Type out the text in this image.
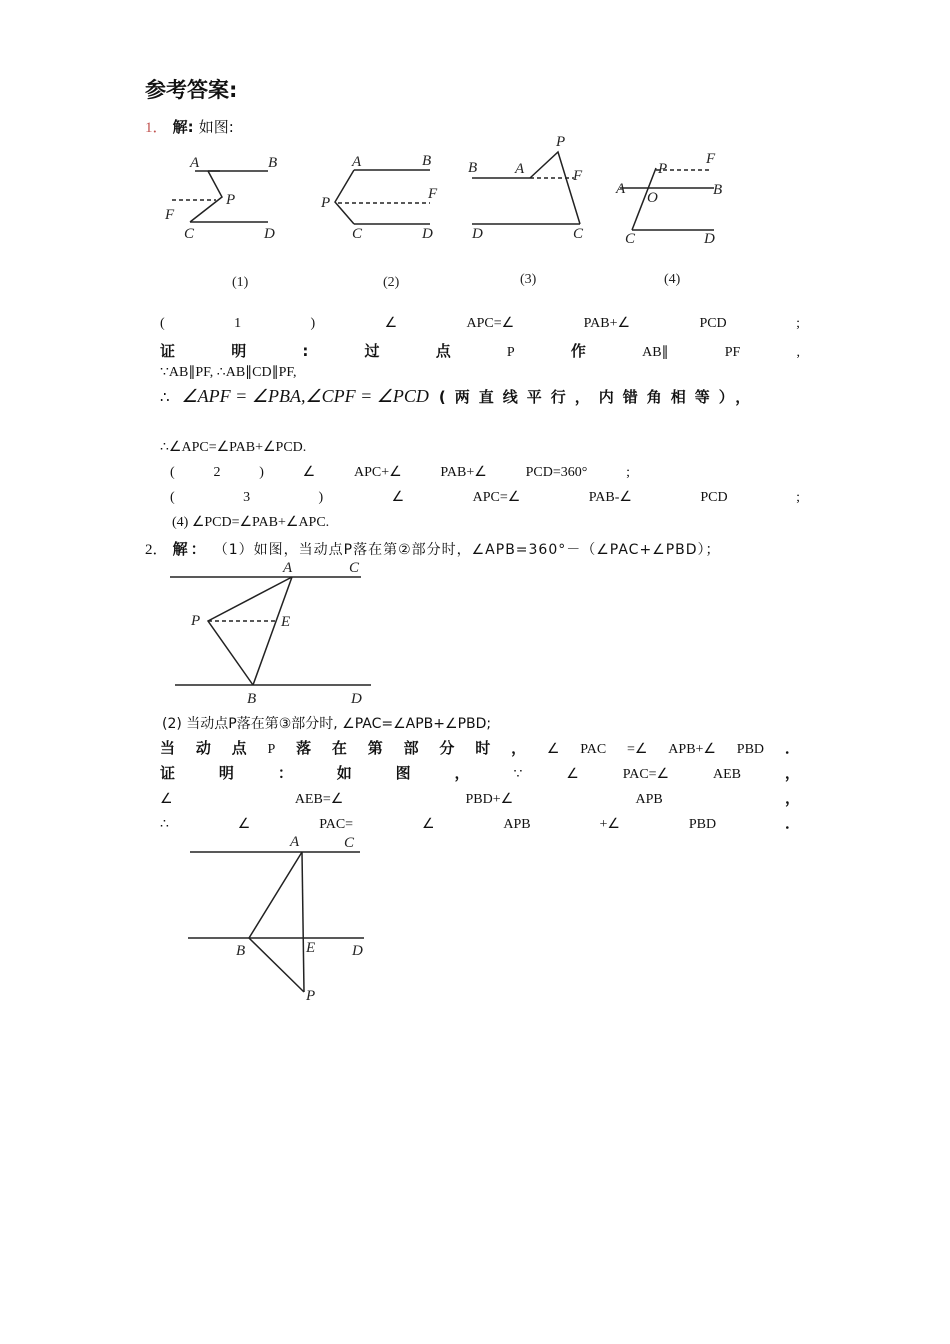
参考答案:
1． 解: 如图:
A	B
P
F
C	D
(1)
A	B
P
F
C	D
(2)
B	A
P
F
D	C
(3)
P
F
A
O	B
C	D
(4)
(	1	)	∠	APC=∠	PAB+∠	PCD	;
证	明	:	过	点	P	作	AB∥	PF	,
∵AB∥PF, ∴AB∥CD∥PF,
∴ ∠APF = ∠PBA,∠CPF = ∠PCD (两直线平行，内错角相等），
∴∠APC=∠PAB+∠PCD.
(	2	)	∠	APC+∠	PAB+∠	PCD=360°	;
(	3	)	∠	APC=∠	PAB-∠	PCD	;
(4) ∠PCD=∠PAB+∠APC.
2． 解： （1）如图，当动点P落在第②部分时，∠APB=360°－（∠PAC+∠PBD）；
A	C
P	E
B	D
(2) 当动点P落在第③部分时, ∠PAC=∠APB+∠PBD;
当 动 点 P 落 在 第 部 分 时 ， ∠ PAC =∠ APB+∠ PBD ．
证	明	：	如	图	，	∵	∠	PAC=∠	AEB	，
∠	AEB=∠	PBD+∠	APB	，
∴	∠	PAC=	∠	APB	+∠	PBD	．
A	C
B	E D
P
